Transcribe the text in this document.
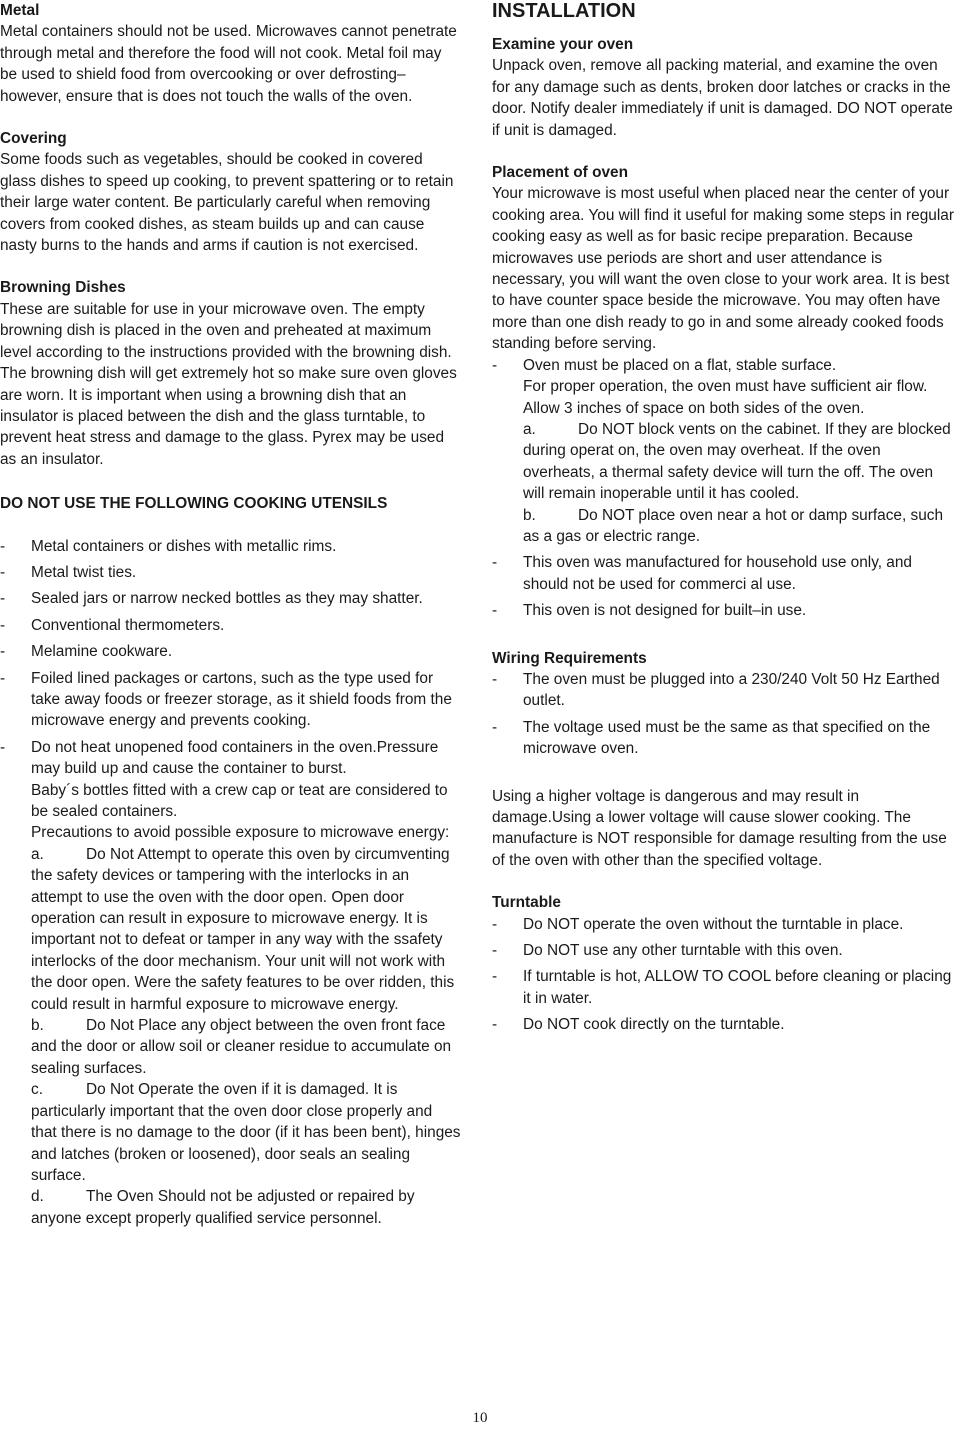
Metal

Metal containers should not be used. Microwaves cannot penetrate through metal and therefore the food will not cook. Metal foil may be used to shield food from overcooking or over defrosting–however, ensure that is does not touch the walls of the oven.

Covering

Some foods such as vegetables, should be cooked in covered glass dishes to speed up cooking, to prevent spattering or to retain their large water content. Be particularly careful when removing covers from cooked dishes, as steam builds up and can cause nasty burns to the hands and arms if caution is not exercised.

Browning Dishes

These are suitable for use in your microwave oven. The empty browning dish is placed in the oven and preheated at maximum level according to the instructions provided with the browning dish. The browning dish will get extremely hot so make sure oven gloves are worn. It is important when using a browning dish that an insulator is placed between the dish and the glass turntable, to prevent heat stress and damage to the glass. Pyrex may be used as an insulator.

DO NOT USE THE FOLLOWING COOKING UTENSILS
- Metal containers or dishes with metallic rims.
- Metal twist ties.
- Sealed jars or narrow necked bottles as they may shatter.
- Conventional thermometers.
- Melamine cookware.
- Foiled lined packages or cartons, such as the type used for take away foods or freezer storage, as it shield foods from the microwave energy and prevents cooking.
- Do not heat unopened food containers in the oven.Pressure may build up and cause the container to burst.
Baby´s bottles fitted with a crew cap or teat are considered to be sealed containers.
Precautions to avoid possible exposure to microwave energy:
a.	Do Not Attempt to operate this oven by circumventing the safety devices or tampering with the interlocks in an attempt to use the oven with the door open. Open door operation can result in exposure to microwave energy. It is important not to defeat or tamper in any way with the ssafety interlocks of the door mechanism. Your unit will not work with the door open. Were the safety features to be over ridden, this could result in harmful exposure to microwave energy.
b.	Do Not Place any object between the oven front face and the door or allow soil or cleaner residue to accumulate on sealing surfaces.
c.	Do Not Operate the oven if it is damaged. It is particularly important that the oven door close properly and that there is no damage to the door (if it has been bent), hinges and latches (broken or loosened), door seals an sealing surface.
d.	The Oven Should not be adjusted or repaired by anyone except properly qualified service personnel.
INSTALLATION
Examine your oven

Unpack oven, remove all packing material, and examine the oven for any damage such as dents, broken door latches or cracks in the door. Notify dealer immediately if unit is damaged. DO NOT operate if unit is damaged.

Placement of oven

Your microwave is most useful when placed near the center of your cooking area. You will find it useful for making some steps in regular cooking easy as well as for basic recipe preparation. Because microwaves use periods are short and user attendance is necessary, you will want the oven close to your work area. It is best to have counter space beside the microwave. You may often have more than one dish ready to go in and some already cooked foods standing before serving.

- Oven must be placed on a flat, stable surface.
For proper operation, the oven must have sufficient air flow. Allow 3 inches of space on both sides of the oven.
a.	Do NOT block vents on the cabinet. If they are blocked during operat on, the oven may overheat. If the oven overheats, a thermal safety device will turn the off. The oven will remain inoperable until it has cooled.
b.	Do NOT place oven near a hot or damp surface, such as a gas or electric range.
- This oven was manufactured for household use only, and should not be used for commerci al use.
- This oven is not designed for built–in use.
Wiring Requirements
- The oven must be plugged into a 230/240 Volt 50 Hz Earthed outlet.
- The voltage used must be the same as that specified on the microwave oven.

Using a higher voltage is dangerous and may result in damage.Using a lower voltage will cause slower cooking. The manufacture is NOT responsible for damage resulting from the use of the oven with other than the specified voltage.

Turntable
- Do NOT operate the oven without the turntable in place.
- Do NOT use any other turntable with this oven.
- If turntable is hot, ALLOW TO COOL before cleaning or placing it in water.
- Do NOT cook directly on the turntable.
10
